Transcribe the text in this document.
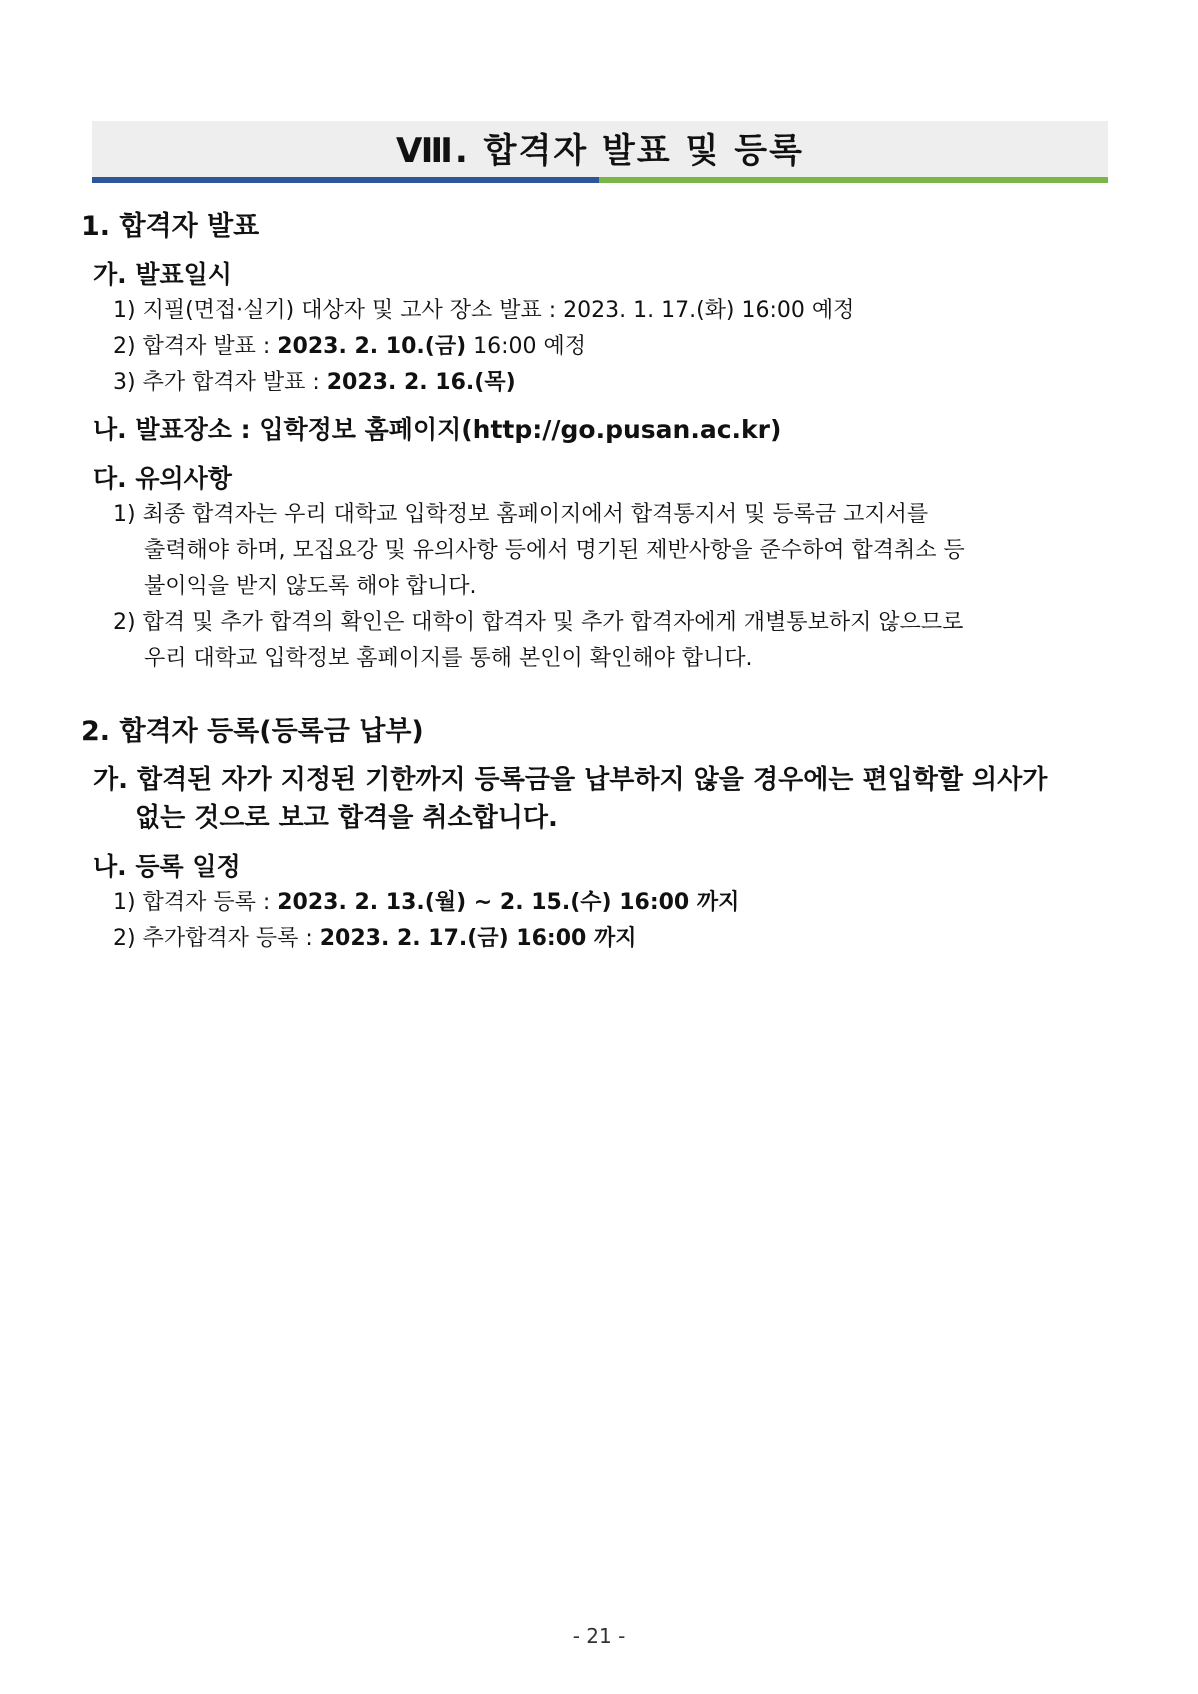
Ⅷ. 합격자 발표 및 등록
1. 합격자 발표
가. 발표일시
1) 지필(면접·실기) 대상자 및 고사 장소 발표 : 2023. 1. 17.(화) 16:00 예정
2) 합격자 발표 : 2023. 2. 10.(금) 16:00 예정
3) 추가 합격자 발표 : 2023. 2. 16.(목)
나. 발표장소 : 입학정보 홈페이지(http://go.pusan.ac.kr)
다. 유의사항
1) 최종 합격자는 우리 대학교 입학정보 홈페이지에서 합격통지서 및 등록금 고지서를
출력해야 하며, 모집요강 및 유의사항 등에서 명기된 제반사항을 준수하여 합격취소 등
불이익을 받지 않도록 해야 합니다.
2) 합격 및 추가 합격의 확인은 대학이 합격자 및 추가 합격자에게 개별통보하지 않으므로
우리 대학교 입학정보 홈페이지를 통해 본인이 확인해야 합니다.
2. 합격자 등록(등록금 납부)
가. 합격된 자가 지정된 기한까지 등록금을 납부하지 않을 경우에는 편입학할 의사가
없는 것으로 보고 합격을 취소합니다.
나. 등록 일정
1) 합격자 등록 : 2023. 2. 13.(월) ~ 2. 15.(수) 16:00 까지
2) 추가합격자 등록 : 2023. 2. 17.(금) 16:00 까지
- 21 -
